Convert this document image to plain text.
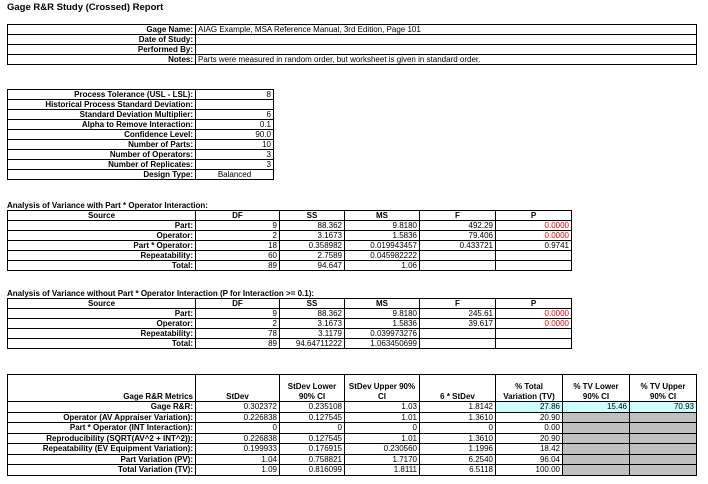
Gage R&R Study (Crossed) Report
Gage Name:	AIAG Example, MSA Reference Manual, 3rd Edition, Page 101
Date of Study:	
Performed By:	
Notes:	Parts were measured in random order, but worksheet is given in standard order.
Process Tolerance (USL - LSL):	8
Historical Process Standard Deviation:	
Standard Deviation Multiplier:	6
Alpha to Remove Interaction:	0.1
Confidence Level:	90.0
Number of Parts:	10
Number of Operators:	3
Number of Replicates:	3
Design Type:	Balanced
Analysis of Variance with Part * Operator Interaction:
Source	DF	SS	MS	F	P
Part:	9	88.362	9.8180	492.29	0.0000
Operator:	2	3.1673	1.5836	79.406	0.0000
Part * Operator:	18	0.358982	0.019943457	0.433721	0.9741
Repeatability:	60	2.7589	0.045982222		
Total:	89	94.647	1.06		
Analysis of Variance without Part * Operator Interaction (P for Interaction >= 0.1):
Source	DF	SS	MS	F	P
Part:	9	88.362	9.8180	245.61	0.0000
Operator:	2	3.1673	1.5836	39.617	0.0000
Repeatability:	78	3.1179	0.039973276		
Total:	89	94.64711222	1.063450699		
Gage R&R Metrics	StDev	StDev Lower 90% CI	StDev Upper 90% CI	6 * StDev	% Total Variation (TV)	% TV Lower 90% CI	% TV Upper 90% CI
Gage R&R:	0.302372	0.235108	1.03	1.8142	27.86	15.46	70.93
Operator (AV Appraiser Variation):	0.226838	0.127545	1.01	1.3610	20.90		
Part * Operator (INT Interaction):	0	0	0	0	0.00		
Reproducibility (SQRT(AV^2 + INT^2)):	0.226838	0.127545	1.01	1.3610	20.90		
Repeatability (EV Equipment Variation):	0.199933	0.176915	0.230560	1.1996	18.42		
Part Variation (PV):	1.04	0.758821	1.7170	6.2540	96.04		
Total Variation (TV):	1.09	0.816099	1.8111	6.5118	100.00		
